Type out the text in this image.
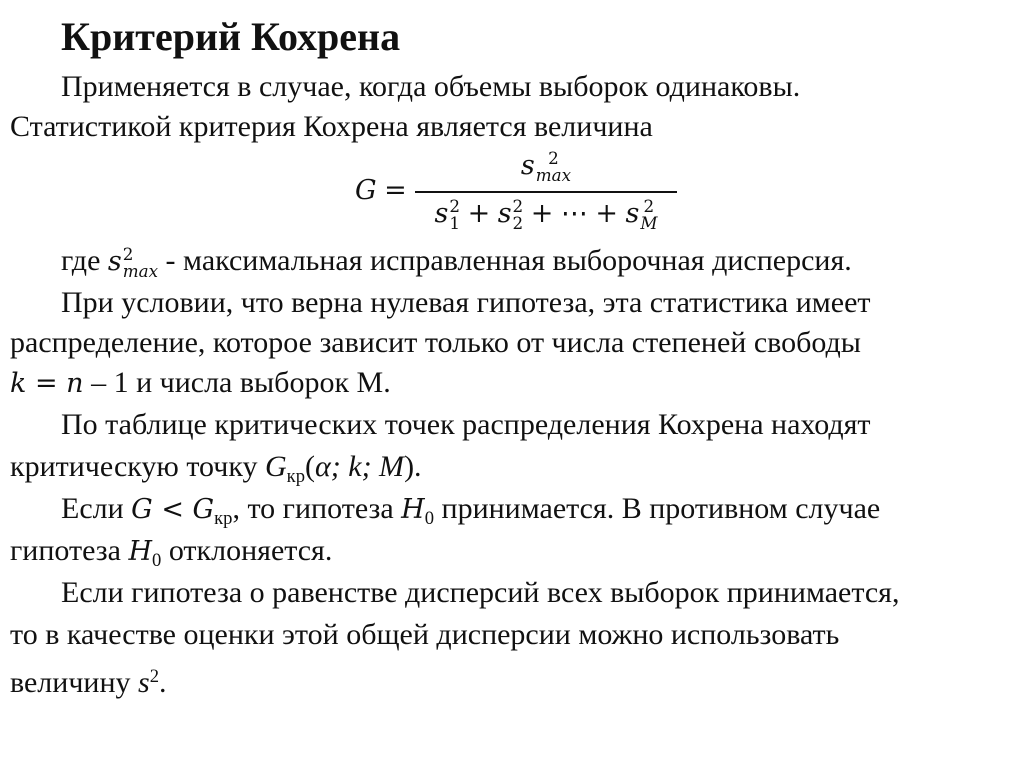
Критерий Кохрена
Применяется в случае, когда объемы выборок одинаковы.
Статистикой критерия Кохрена является величина
G =
s 2
max
s 2
1 + s 2
2 + ⋯ + s 2
M
где s 2
max - максимальная исправленная выборочная дисперсия.
При условии, что верна нулевая гипотеза, эта статистика имеет
распределение, которое зависит только от числа степеней свободы
k = n – 1 и числа выборок М.
По таблице критических точек распределения Кохрена находят
критическую точку $G_{кр}(\alpha$; k; M).
Если $G < G_{кр}$, то гипотеза $H_0$ принимается. В противном случае
гипотеза $H_0$ отклоняется.
Если гипотеза о равенстве дисперсий всех выборок принимается,
то в качестве оценки этой общей дисперсии можно использовать
величину $s^2$.
